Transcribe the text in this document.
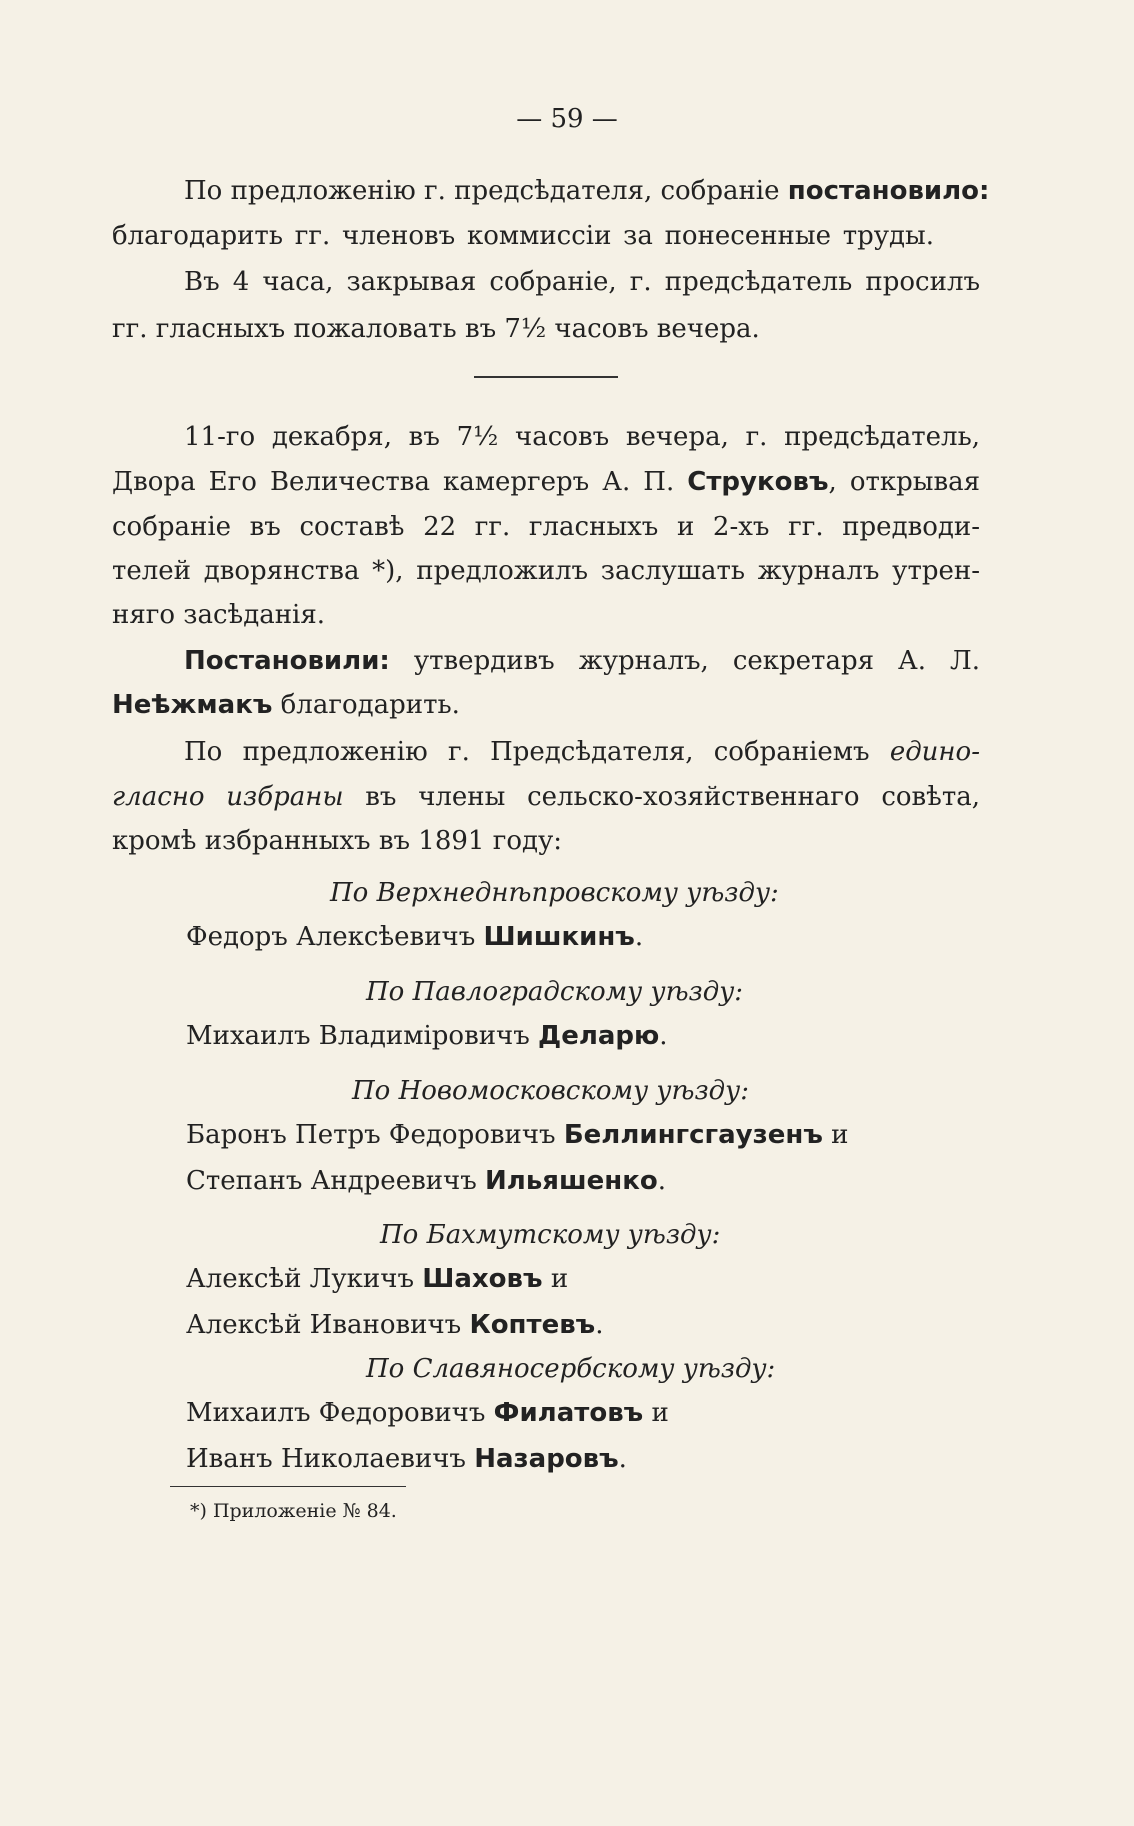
— 59 —
По предложенію г. предсѣдателя, собраніе постановило:
благодарить гг. членовъ коммиссіи за понесенные труды.
Въ 4 часа, закрывая собраніе, г. предсѣдатель просилъ
гг. гласныхъ пожаловать въ 7½ часовъ вечера.
11-го декабря, въ 7½ часовъ вечера, г. предсѣдатель,
Двора Его Величества камергеръ А. П. Струковъ, открывая
собраніе въ составѣ 22 гг. гласныхъ и 2-хъ гг. предводи-
телей дворянства *), предложилъ заслушать журналъ утрен-
няго засѣданія.
Постановили: утвердивъ журналъ, секретаря А. Л.
Неѣжмакъ благодарить.
По предложенію г. Предсѣдателя, собраніемъ едино-
гласно избраны въ члены сельско-хозяйственнаго совѣта,
кромѣ избранныхъ въ 1891 году:
По Верхнеднѣпровскому уѣзду:
Федоръ Алексѣевичъ Шишкинъ.
По Павлоградскому уѣзду:
Михаилъ Владиміровичъ Деларю.
По Новомосковскому уѣзду:
Баронъ Петръ Федоровичъ Беллингсгаузенъ и
Степанъ Андреевичъ Ильяшенко.
По Бахмутскому уѣзду:
Алексѣй Лукичъ Шаховъ и
Алексѣй Ивановичъ Коптевъ.
По Славяносербскому уѣзду:
Михаилъ Федоровичъ Филатовъ и
Иванъ Николаевичъ Назаровъ.
*) Приложеніе № 84.
